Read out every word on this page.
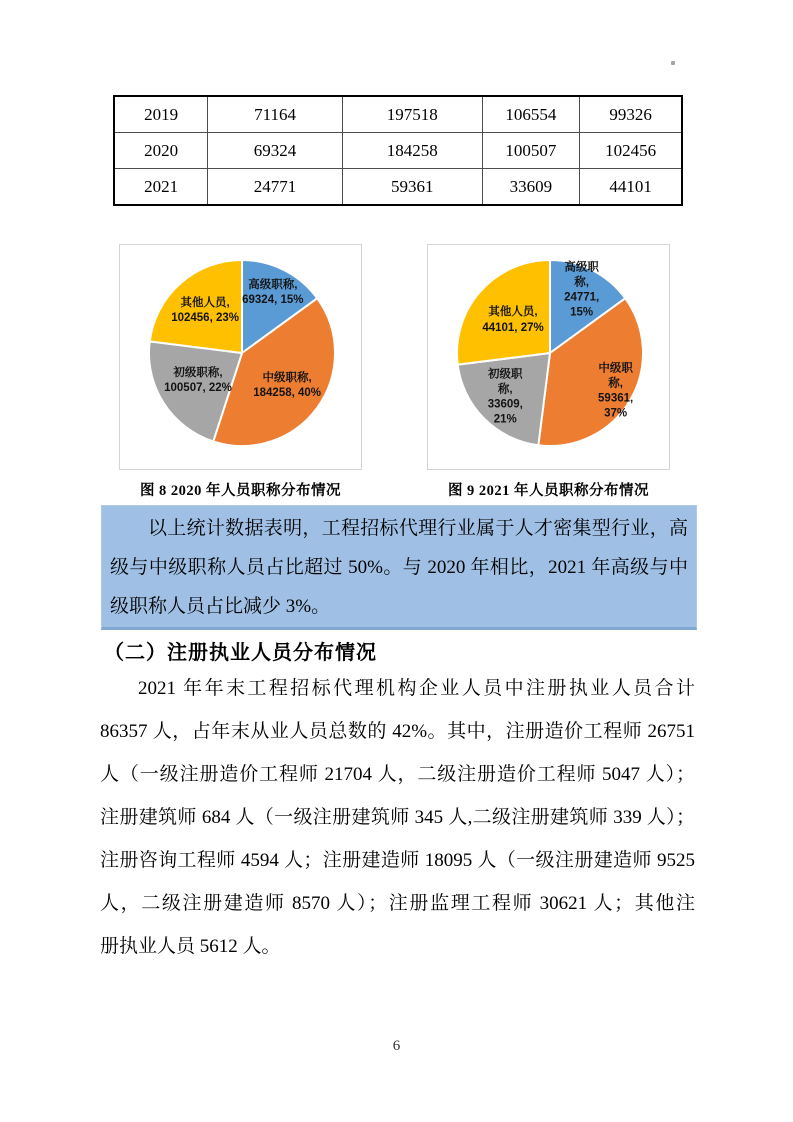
2019	71164	197518	106554	99326
2020	69324	184258	100507	102456
2021	24771	59361	33609	44101
高级职称,
69324, 15%
中级职称,
184258, 40%
初级职称,
100507, 22%
其他人员,
102456, 23%
图 8 2020 年人员职称分布情况
高级职
称,
24771,
15%
中级职
称,
59361,
37%
初级职
称,
33609,
21%
其他人员,
44101, 27%
图 9 2021 年人员职称分布情况
以上统计数据表明，工程招标代理行业属于人才密集型行业，高
级与中级职称人员占比超过 50%。与 2020 年相比，2021 年高级与中
级职称人员占比减少 3%。
（二）注册执业人员分布情况
2021 年年末工程招标代理机构企业人员中注册执业人员合计
86357 人，占年末从业人员总数的 42%。其中，注册造价工程师 26751
人（一级注册造价工程师 21704 人，二级注册造价工程师 5047 人）；
注册建筑师 684 人（一级注册建筑师 345 人,二级注册建筑师 339 人）；
注册咨询工程师 4594 人；注册建造师 18095 人（一级注册建造师 9525
人，二级注册建造师 8570 人）；注册监理工程师 30621 人；其他注
册执业人员 5612 人。
6
